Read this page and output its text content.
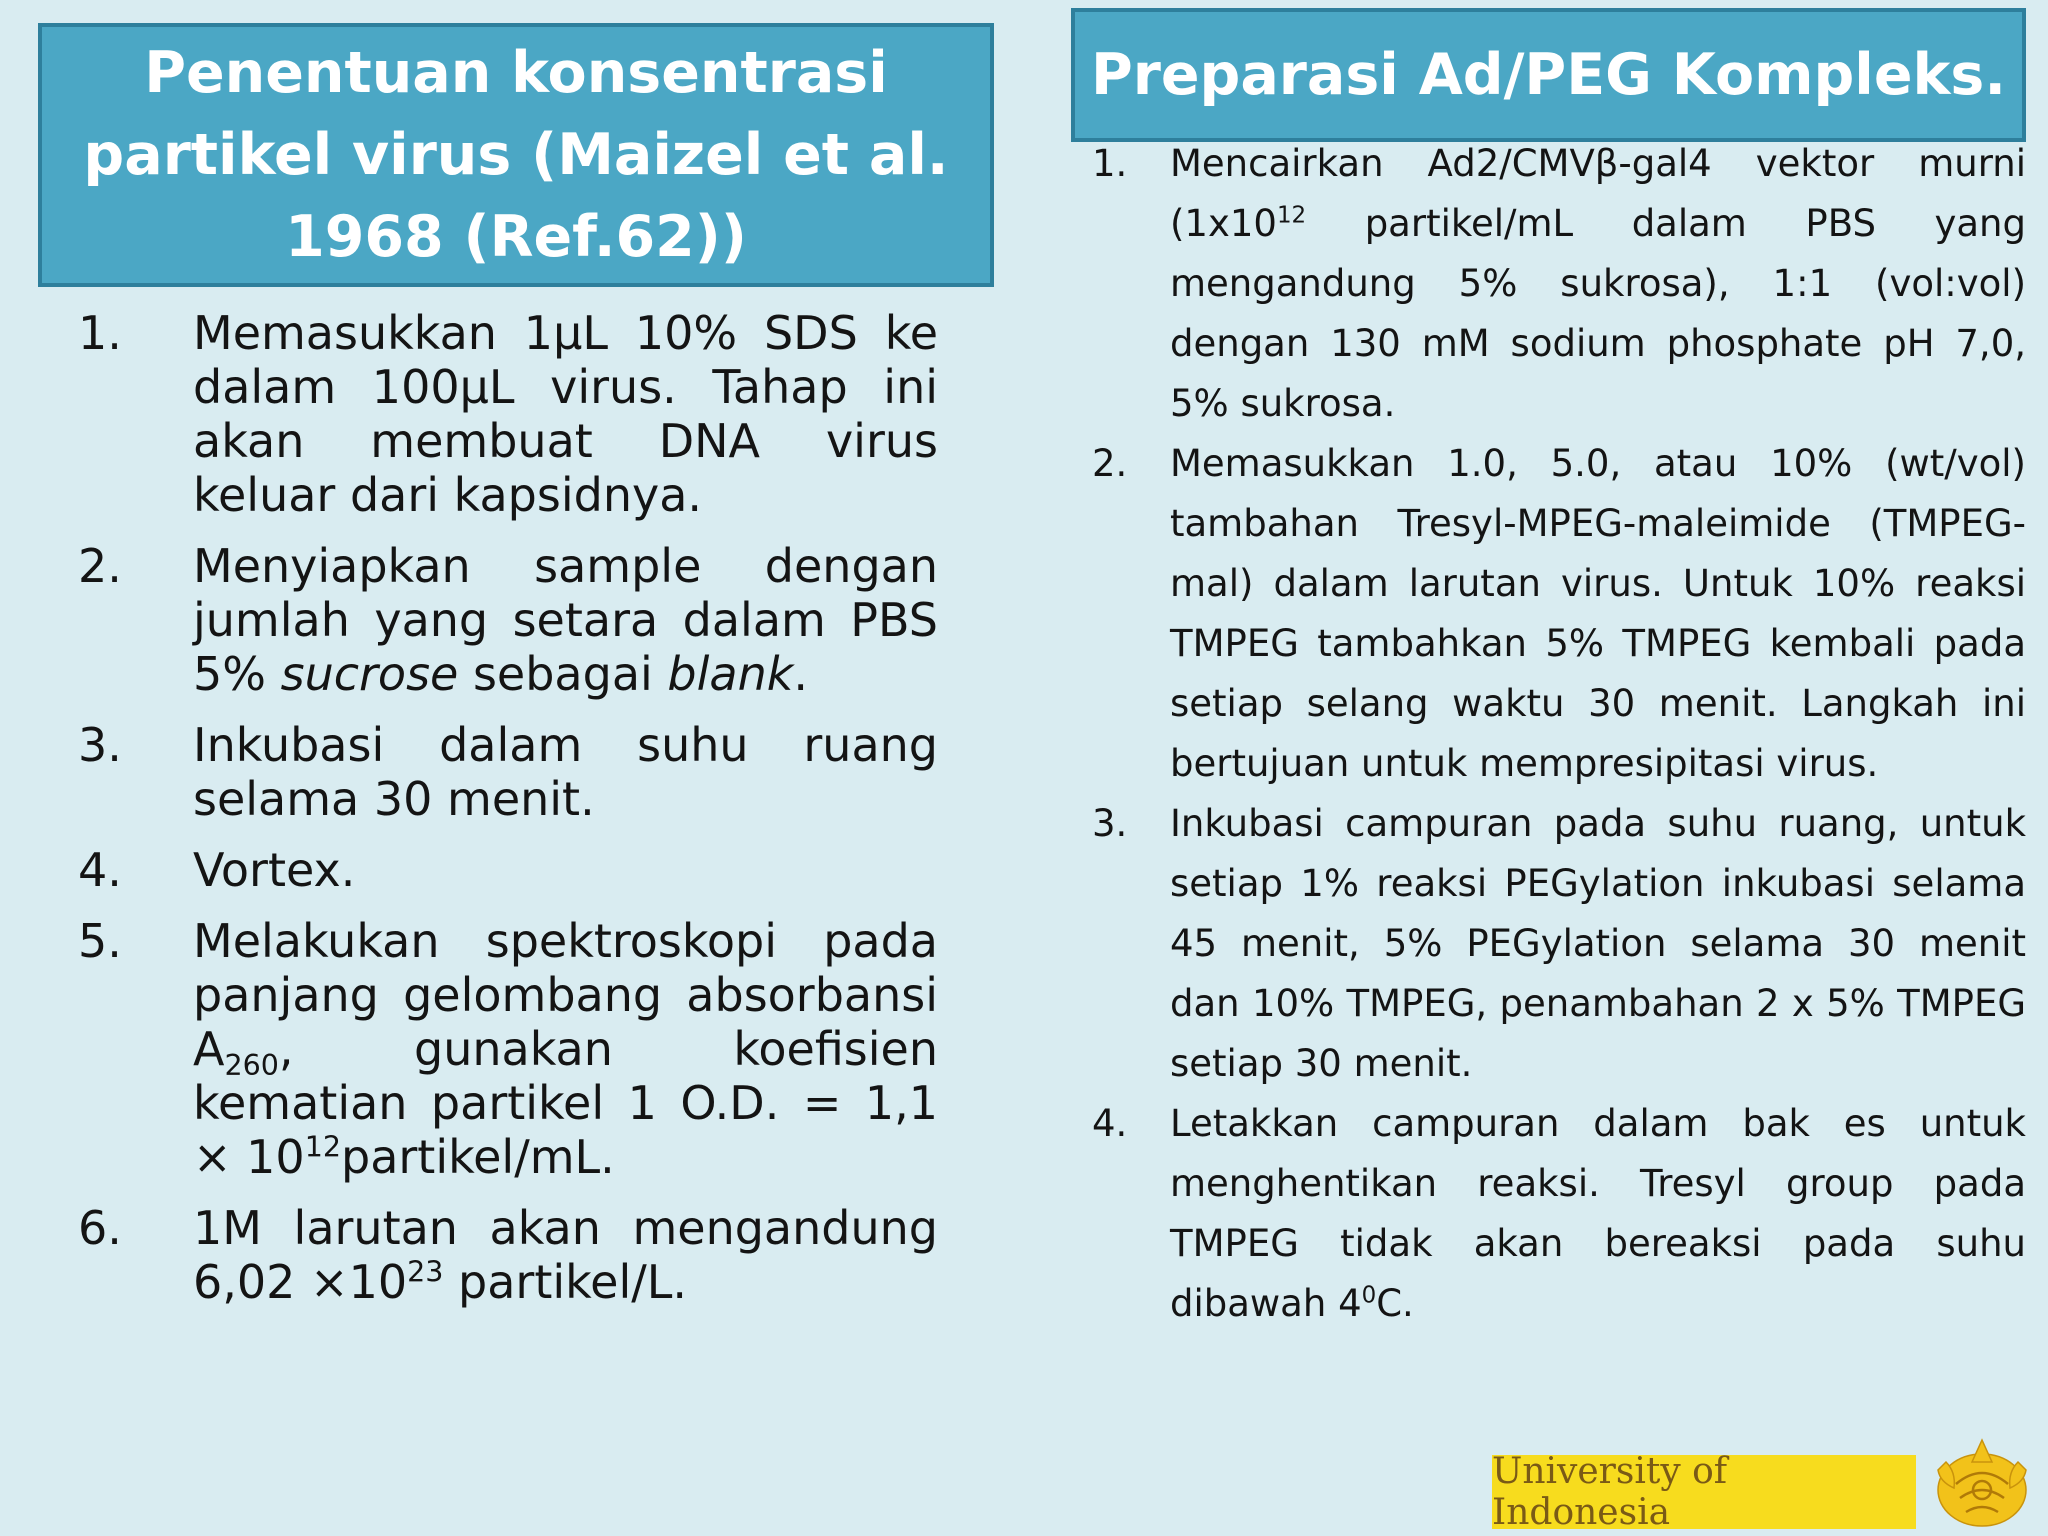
Penentuan konsentrasi partikel virus (Maizel et al. 1968 (Ref.62))
1. Memasukkan 1µL 10% SDS ke dalam 100µL virus. Tahap ini akan membuat DNA virus keluar dari kapsidnya.
2. Menyiapkan sample dengan jumlah yang setara dalam PBS 5% sucrose sebagai blank.
3. Inkubasi dalam suhu ruang selama 30 menit.
4. Vortex.
5. Melakukan spektroskopi pada panjang gelombang absorbansi $A_{260}$, gunakan koefisien kematian partikel 1 O.D. = $1,1 \times 10^{12}partikel/mL$.
6. 1M larutan akan mengandung $6,02 \times 10^{23}$ partikel/L.
Preparasi Ad/PEG Kompleks.
1. Mencairkan Ad2/CMVβ-gal4 vektor murni ($1x10^{12}$ partikel/mL dalam PBS yang mengandung 5% sukrosa), 1:1 (vol:vol) dengan 130 mM sodium phosphate pH 7,0, 5% sukrosa.
2. Memasukkan 1.0, 5.0, atau 10% (wt/vol) tambahan Tresyl-MPEG-maleimide (TMPEG-mal) dalam larutan virus. Untuk 10% reaksi TMPEG tambahkan 5% TMPEG kembali pada setiap selang waktu 30 menit. Langkah ini bertujuan untuk mempresipitasi virus.
3. Inkubasi campuran pada suhu ruang, untuk setiap 1% reaksi PEGylation inkubasi selama 45 menit, 5% PEGylation selama 30 menit dan 10% TMPEG, penambahan 2 x 5% TMPEG setiap 30 menit.
4. Letakkan campuran dalam bak es untuk menghentikan reaksi. Tresyl group pada TMPEG tidak akan bereaksi pada suhu dibawah $4^0C$.
University of Indonesia
